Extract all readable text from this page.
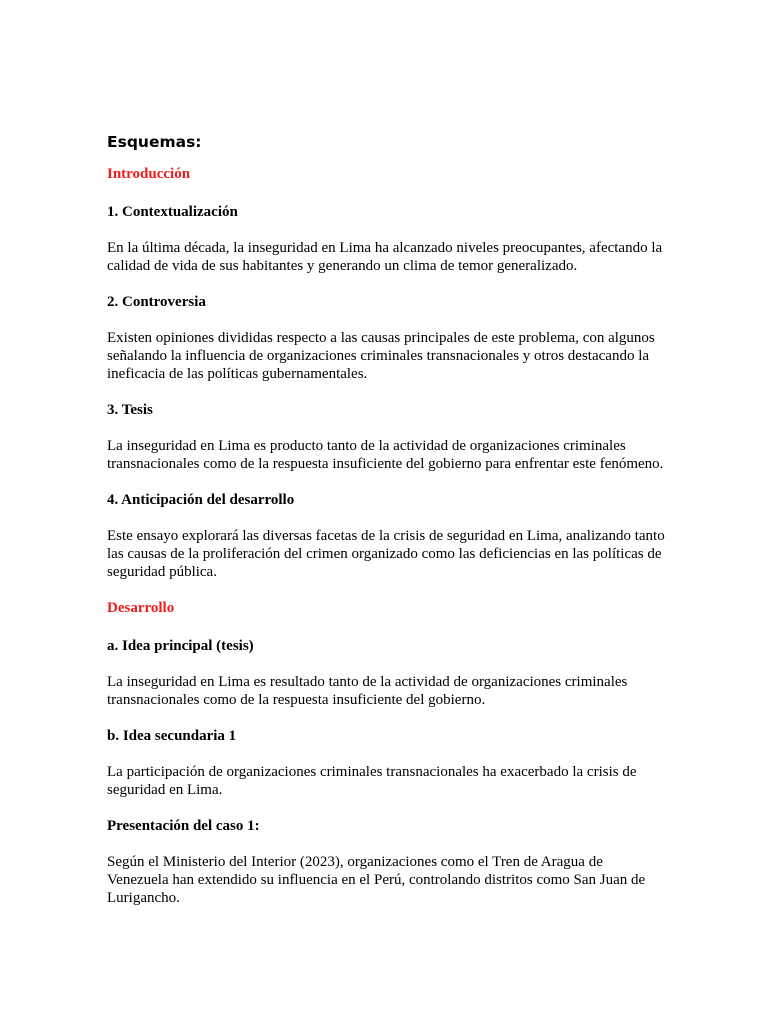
Esquemas:
Introducción
1. Contextualización
En la última década, la inseguridad en Lima ha alcanzado niveles preocupantes, afectando la calidad de vida de sus habitantes y generando un clima de temor generalizado.
2. Controversia
Existen opiniones divididas respecto a las causas principales de este problema, con algunos señalando la influencia de organizaciones criminales transnacionales y otros destacando la ineficacia de las políticas gubernamentales.
3. Tesis
La inseguridad en Lima es producto tanto de la actividad de organizaciones criminales transnacionales como de la respuesta insuficiente del gobierno para enfrentar este fenómeno.
4. Anticipación del desarrollo
Este ensayo explorará las diversas facetas de la crisis de seguridad en Lima, analizando tanto las causas de la proliferación del crimen organizado como las deficiencias en las políticas de seguridad pública.
Desarrollo
a. Idea principal (tesis)
La inseguridad en Lima es resultado tanto de la actividad de organizaciones criminales transnacionales como de la respuesta insuficiente del gobierno.
b. Idea secundaria 1
La participación de organizaciones criminales transnacionales ha exacerbado la crisis de seguridad en Lima.
Presentación del caso 1:
Según el Ministerio del Interior (2023), organizaciones como el Tren de Aragua de Venezuela han extendido su influencia en el Perú, controlando distritos como San Juan de Lurigancho.
